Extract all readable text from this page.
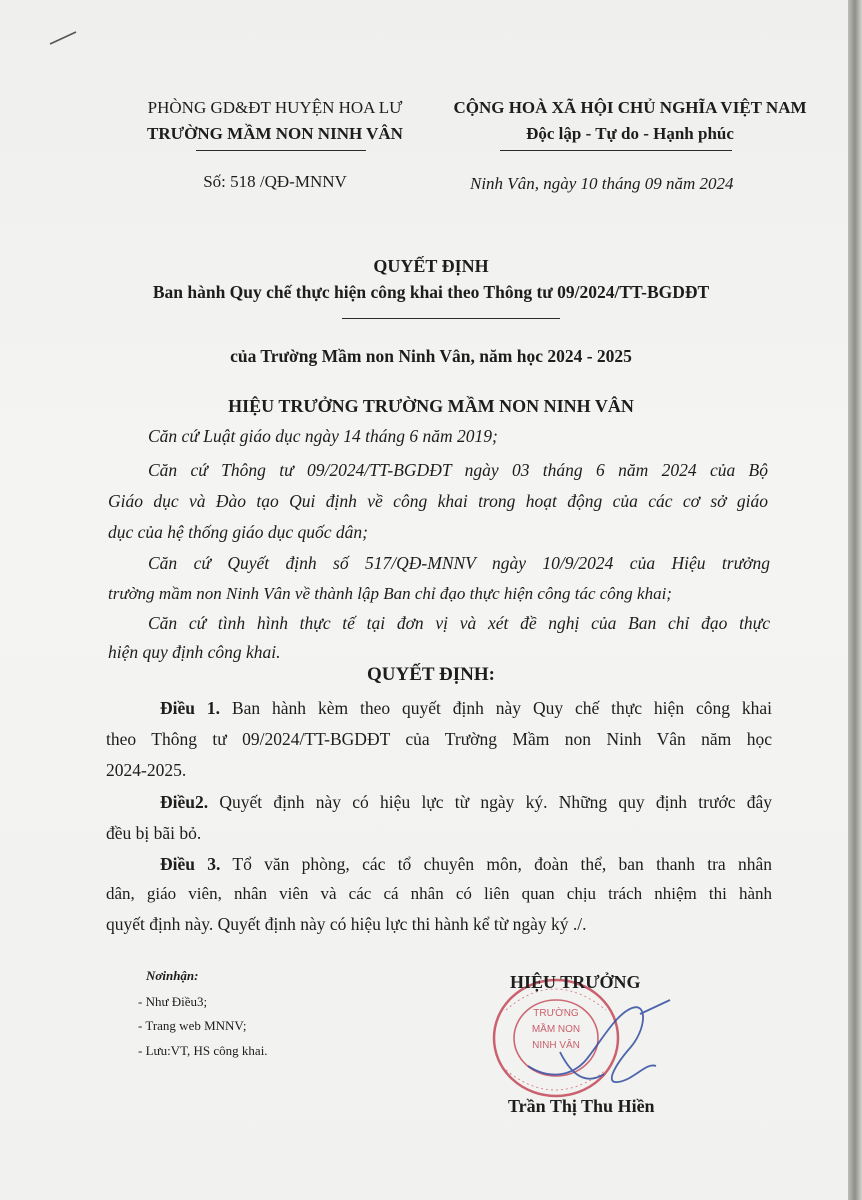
PHÒNG GD&ĐT HUYỆN HOA LƯ
TRƯỜNG MẦM NON NINH VÂN
Số: 518 /QĐ-MNNV
CỘNG HOÀ XÃ HỘI CHỦ NGHĨA VIỆT NAM
Độc lập - Tự do - Hạnh phúc
Ninh Vân, ngày 10 tháng 09 năm 2024
QUYẾT ĐỊNH
Ban hành Quy chế thực hiện công khai theo Thông tư 09/2024/TT-BGDĐT
của Trường Mầm non Ninh Vân, năm học 2024 - 2025
HIỆU TRƯỞNG TRƯỜNG MẦM NON NINH VÂN
Căn cứ Luật giáo dục ngày 14 tháng 6 năm 2019;
Căn cứ Thông tư 09/2024/TT-BGDĐT ngày 03 tháng 6 năm 2024 của Bộ
Giáo dục và Đào tạo Qui định về công khai trong hoạt động của các cơ sở giáo
dục của hệ thống giáo dục quốc dân;
Căn cứ Quyết định số 517/QĐ-MNNV ngày 10/9/2024 của Hiệu trưởng
trường mầm non Ninh Vân về thành lập Ban chỉ đạo thực hiện công tác công khai;
Căn cứ tình hình thực tế tại đơn vị và xét đề nghị của Ban chỉ đạo thực
hiện quy định công khai.
QUYẾT ĐỊNH:
Điều 1. Ban hành kèm theo quyết định này Quy chế thực hiện công khai
theo Thông tư 09/2024/TT-BGDĐT của Trường Mầm non Ninh Vân năm học
2024-2025.
Điều2. Quyết định này có hiệu lực từ ngày ký. Những quy định trước đây
đều bị bãi bỏ.
Điều 3. Tổ văn phòng, các tổ chuyên môn, đoàn thể, ban thanh tra nhân
dân, giáo viên, nhân viên và các cá nhân có liên quan chịu trách nhiệm thi hành
quyết định này. Quyết định này có hiệu lực thi hành kể từ ngày ký ./.
Nơinhận:
- Như Điều3;
- Trang web MNNV;
- Lưu:VT, HS công khai.
TRƯỜNG
MẦM NON
NINH VÂN
HIỆU TRƯỞNG
Trần Thị Thu Hiền
